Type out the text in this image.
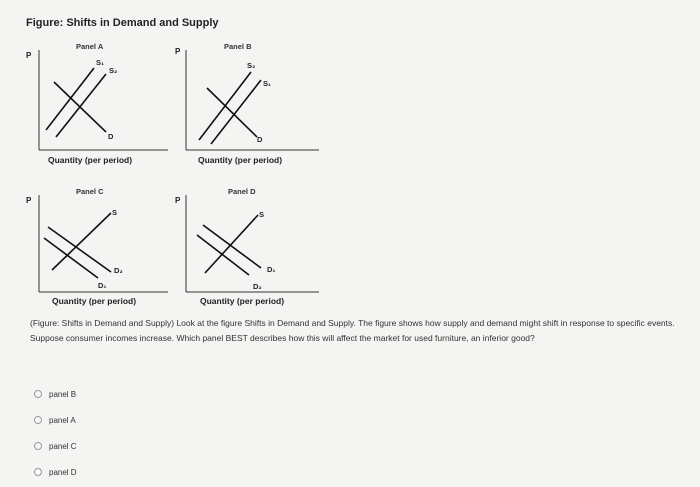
Figure: Shifts in Demand and Supply
P
Panel A
S₁
S₂
D
Quantity (per period)
P
Panel B
S₂
S₁
D
Quantity (per period)
P
Panel C
S
D₂
D₁
Quantity (per period)
P
Panel D
S
D₁
D₂
Quantity (per period)
(Figure: Shifts in Demand and Supply) Look at the figure Shifts in Demand and Supply. The figure shows how supply and demand might shift in response to specific events. Suppose consumer incomes increase. Which panel BEST describes how this will affect the market for used furniture, an inferior good?
panel B
panel A
panel C
panel D
